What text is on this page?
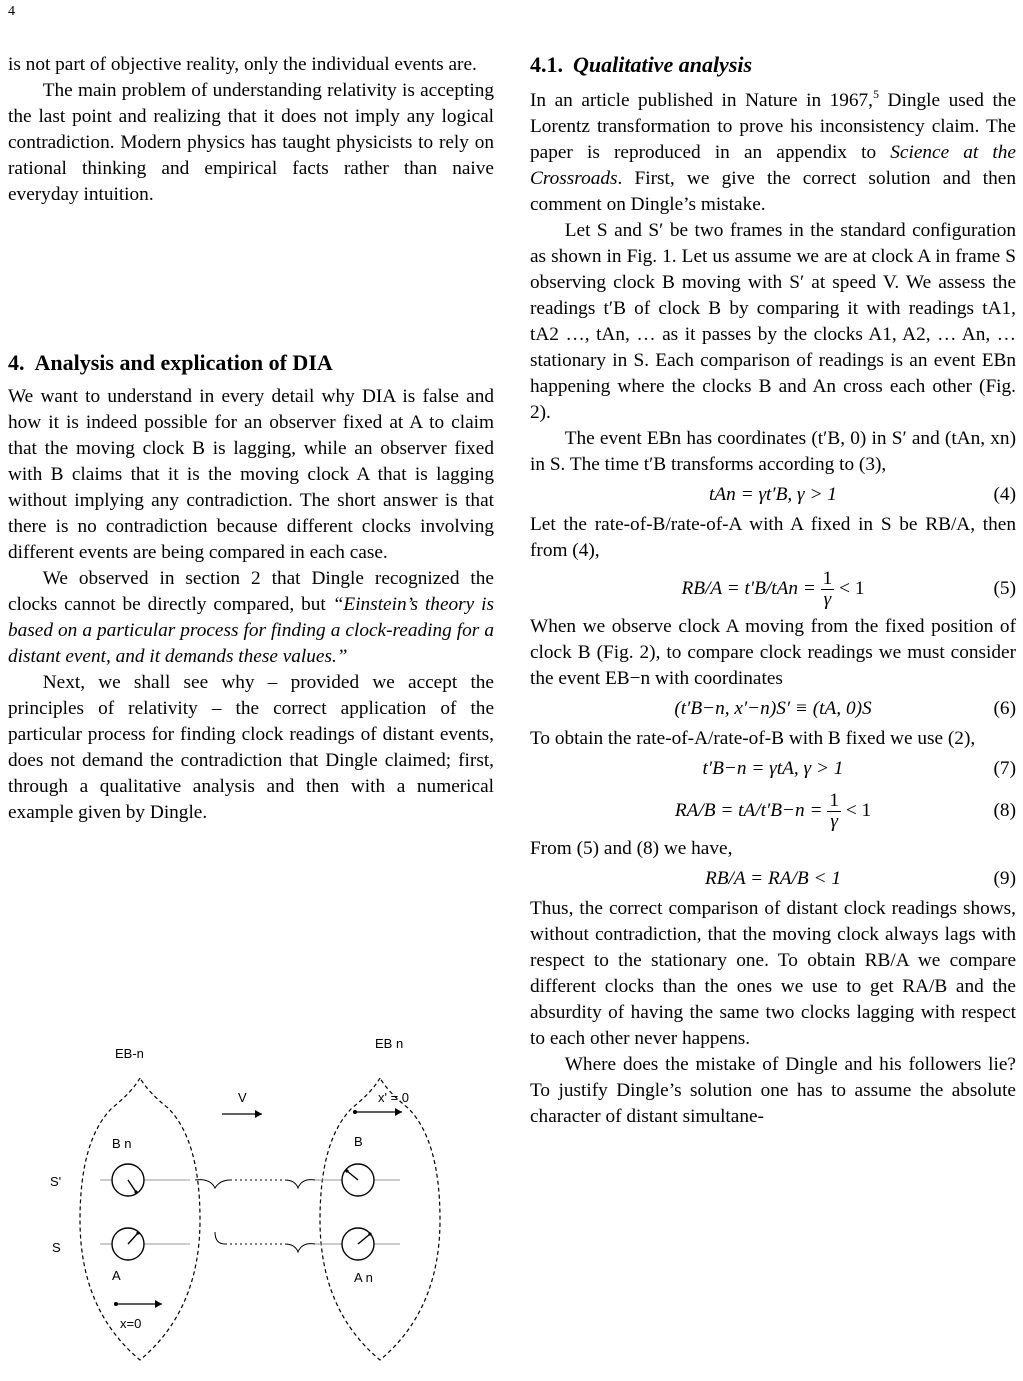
4

is not part of objective reality, only the individual events are.

The main problem of understanding relativity is accepting the last point and realizing that it does not imply any logical contradiction. Modern physics has taught physicists to rely on rational thinking and empirical facts rather than naive everyday intuition.

4. Analysis and explication of DIA

We want to understand in every detail why DIA is false and how it is indeed possible for an observer fixed at A to claim that the moving clock B is lagging, while an observer fixed with B claims that it is the moving clock A that is lagging without implying any contradiction. The short answer is that there is no contradiction because different clocks involving different events are being compared in each case.

We observed in section 2 that Dingle recognized the clocks cannot be directly compared, but “Einstein’s theory is based on a particular process for finding a clock-reading for a distant event, and it demands these values.”

Next, we shall see why – provided we accept the principles of relativity – the correct application of the particular process for finding clock readings of distant events, does not demand the contradiction that Dingle claimed; first, through a qualitative analysis and then with a numerical example given by Dingle.

EB-n
EB n
V	x' = 0
x=0
S'
S
B n	B
A	A n
4.1. Qualitative analysis

In an article published in Nature in 1967,$^5$ Dingle used the Lorentz transformation to prove his inconsistency claim. The paper is reproduced in an appendix to Science at the Crossroads. First, we give the correct solution and then comment on Dingle’s mistake.

Let S and S′ be two frames in the standard configuration as shown in Fig. 1. Let us assume we are at clock A in frame S observing clock B moving with S′ at speed V. We assess the readings t′B of clock B by comparing it with readings tA1, tA2 …, tAn, … as it passes by the clocks A1, A2, … An, … stationary in S. Each comparison of readings is an event EBn happening where the clocks B and An cross each other (Fig. 2).

The event EBn has coordinates (t′B, 0) in S′ and (tAn, xn) in S. The time t′B transforms according to (3),

tAn = γt′B, γ > 1	(4)

Let the rate-of-B/rate-of-A with A fixed in S be RB/A, then from (4),

$RB/A = t'B/tAn = \frac{1}{\gamma} < 1$	(5)

When we observe clock A moving from the fixed position of clock B (Fig. 2), to compare clock readings we must consider the event EB−n with coordinates

(t′B−n, x′−n)S′ ≡ (tA, 0)S	(6)

To obtain the rate-of-A/rate-of-B with B fixed we use (2),

t′B−n = γtA, γ > 1	(7)
$RA/B = tA/t'B-n = \frac{1}{\gamma} < 1$	(8)

From (5) and (8) we have,

RB/A = RA/B < 1	(9)

Thus, the correct comparison of distant clock readings shows, without contradiction, that the moving clock always lags with respect to the stationary one. To obtain RB/A we compare different clocks than the ones we use to get RA/B and the absurdity of having the same two clocks lagging with respect to each other never happens.

Where does the mistake of Dingle and his followers lie? To justify Dingle’s solution one has to assume the absolute character of distant simultane-
